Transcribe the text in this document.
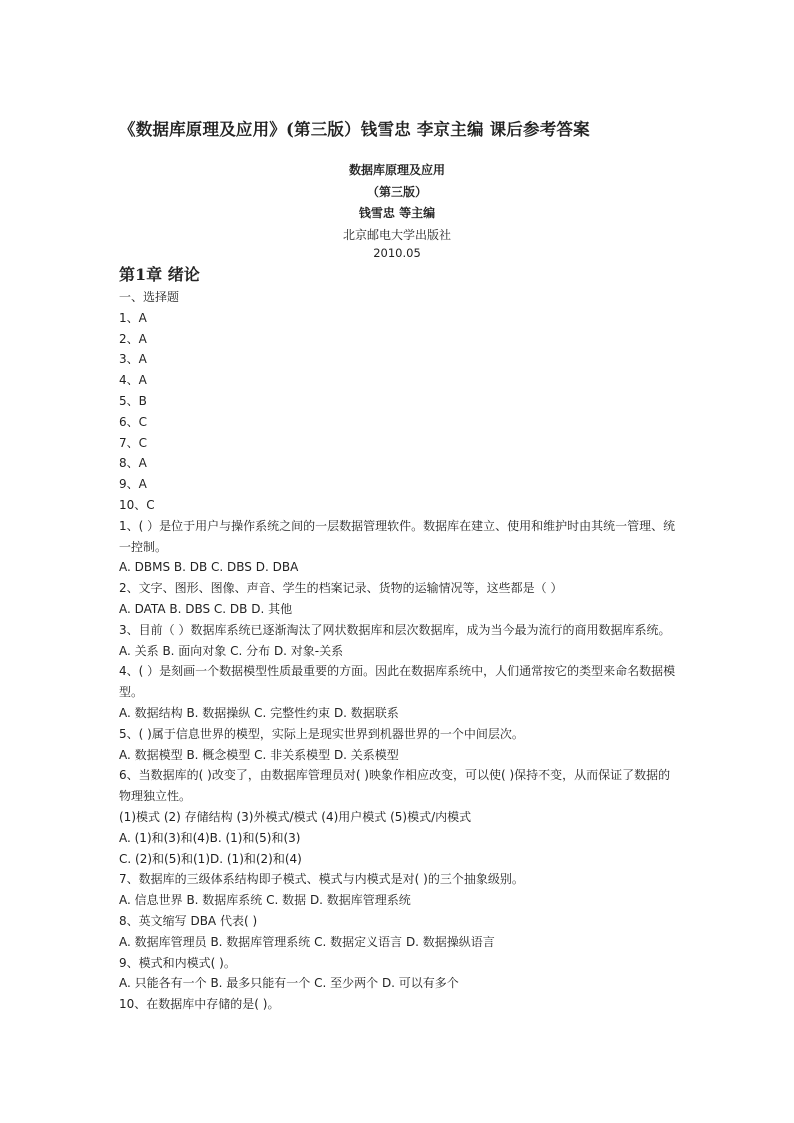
《数据库原理及应用》(第三版）钱雪忠 李京主编 课后参考答案
数据库原理及应用
（第三版）
钱雪忠 等主编
北京邮电大学出版社
2010.05
第1章 绪论
一、选择题
1、A
2、A
3、A
4、A
5、B
6、C
7、C
8、A
9、A
10、C
1、( ）是位于用户与操作系统之间的一层数据管理软件。数据库在建立、使用和维护时由其统一管理、统
一控制。
A. DBMS B. DB C. DBS D. DBA
2、文字、图形、图像、声音、学生的档案记录、货物的运输情况等，这些都是（ ）
A. DATA B. DBS C. DB D. 其他
3、目前（ ）数据库系统已逐渐淘汰了网状数据库和层次数据库，成为当今最为流行的商用数据库系统。
A. 关系 B. 面向对象 C. 分布 D. 对象-关系
4、( ）是刻画一个数据模型性质最重要的方面。因此在数据库系统中，人们通常按它的类型来命名数据模
型。
A. 数据结构 B. 数据操纵 C. 完整性约束 D. 数据联系
5、( )属于信息世界的模型，实际上是现实世界到机器世界的一个中间层次。
A. 数据模型 B. 概念模型 C. 非关系模型 D. 关系模型
6、当数据库的( )改变了，由数据库管理员对( )映象作相应改变，可以使( )保持不变，从而保证了数据的
物理独立性。
(1)模式 (2) 存储结构 (3)外模式/模式 (4)用户模式 (5)模式/内模式
A. (1)和(3)和(4)B. (1)和(5)和(3)
C. (2)和(5)和(1)D. (1)和(2)和(4)
7、数据库的三级体系结构即子模式、模式与内模式是对( )的三个抽象级别。
A. 信息世界 B. 数据库系统 C. 数据 D. 数据库管理系统
8、英文缩写 DBA 代表( )
A. 数据库管理员 B. 数据库管理系统 C. 数据定义语言 D. 数据操纵语言
9、模式和内模式( )。
A. 只能各有一个 B. 最多只能有一个 C. 至少两个 D. 可以有多个
10、在数据库中存储的是( )。
